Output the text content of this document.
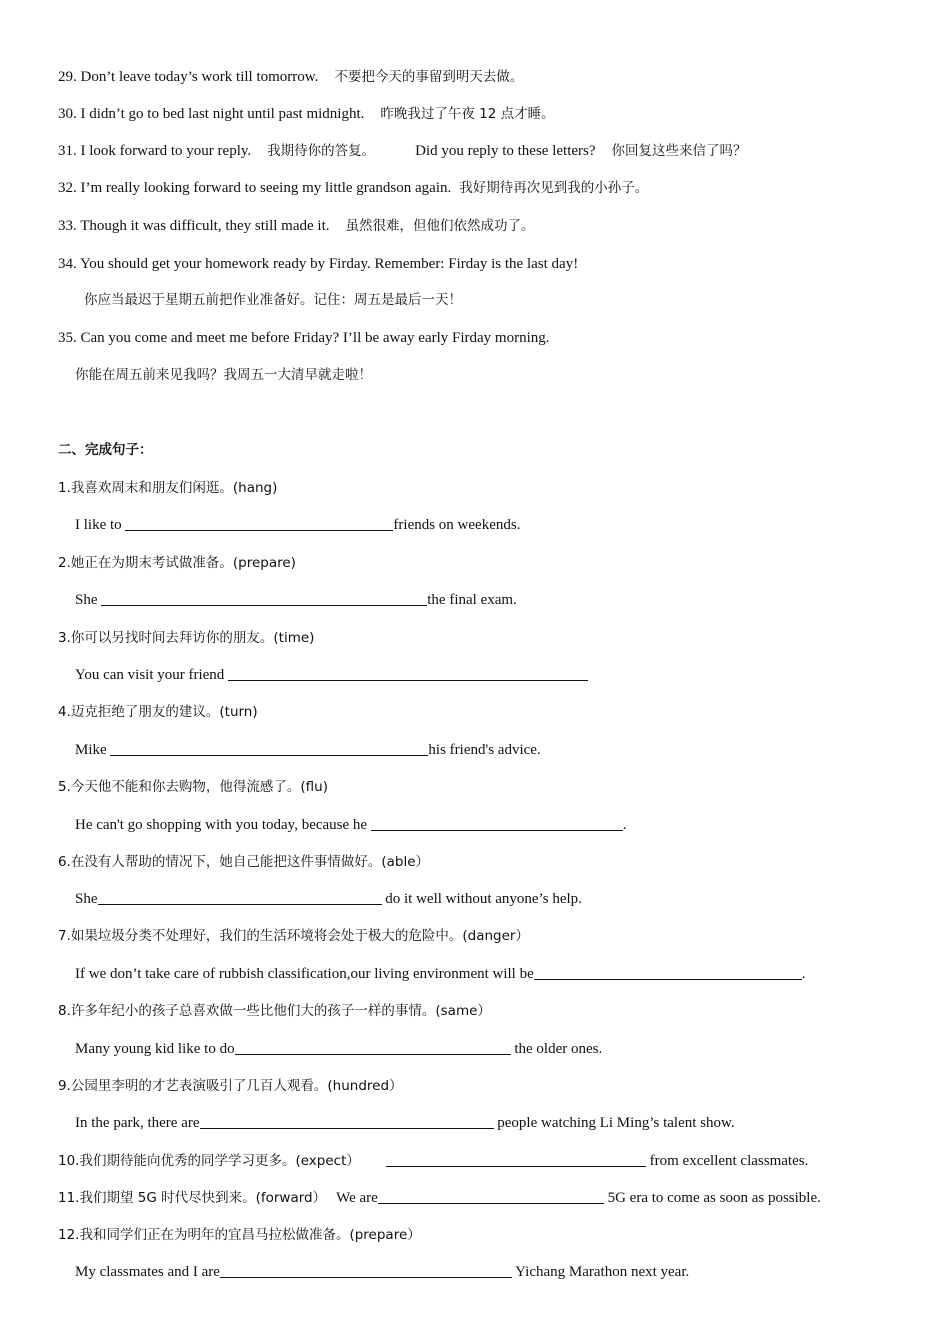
29. Don’t leave today’s work till tomorrow. 不要把今天的事留到明天去做。
30. I didn’t go to bed last night until past midnight. 昨晚我过了午夜 12 点才睡。
31. I look forward to your reply. 我期待你的答复。	Did you reply to these letters? 你回复这些来信了吗？
32. I’m really looking forward to seeing my little grandson again. 我好期待再次见到我的小孙子。
33. Though it was difficult, they still made it. 虽然很难，但他们依然成功了。
34. You should get your homework ready by Firday. Remember: Firday is the last day!
你应当最迟于星期五前把作业准备好。记住：周五是最后一天！
35. Can you come and meet me before Friday? I’ll be away early Firday morning.
你能在周五前来见我吗？我周五一大清早就走啦！
二、完成句子：
1.我喜欢周末和朋友们闲逛。(hang)
I like to	friends on weekends.
2.她正在为期末考试做准备。(prepare)
She	the final exam.
3.你可以另找时间去拜访你的朋友。(time)
You can visit your friend
4.迈克拒绝了朋友的建议。(turn)
Mike	his friend's advice.
5.今天他不能和你去购物，他得流感了。(flu)
He can't go shopping with you today, because he	.
6.在没有人帮助的情况下，她自己能把这件事情做好。(able）
She	do it well without anyone’s help.
7.如果垃圾分类不处理好，我们的生活环境将会处于极大的危险中。(danger）
If we don’t take care of rubbish classification,our living environment will be	.
8.许多年纪小的孩子总喜欢做一些比他们大的孩子一样的事情。(same）
Many young kid like to do	the older ones.
9.公园里李明的才艺表演吸引了几百人观看。(hundred）
In the park, there are	people watching Li Ming’s talent show.
10.我们期待能向优秀的同学学习更多。(expect）	from excellent classmates.
11.我们期望 5G 时代尽快到来。(forward） We are	5G era to come as soon as possible.
12.我和同学们正在为明年的宜昌马拉松做准备。(prepare）
My classmates and I are	Yichang Marathon next year.
